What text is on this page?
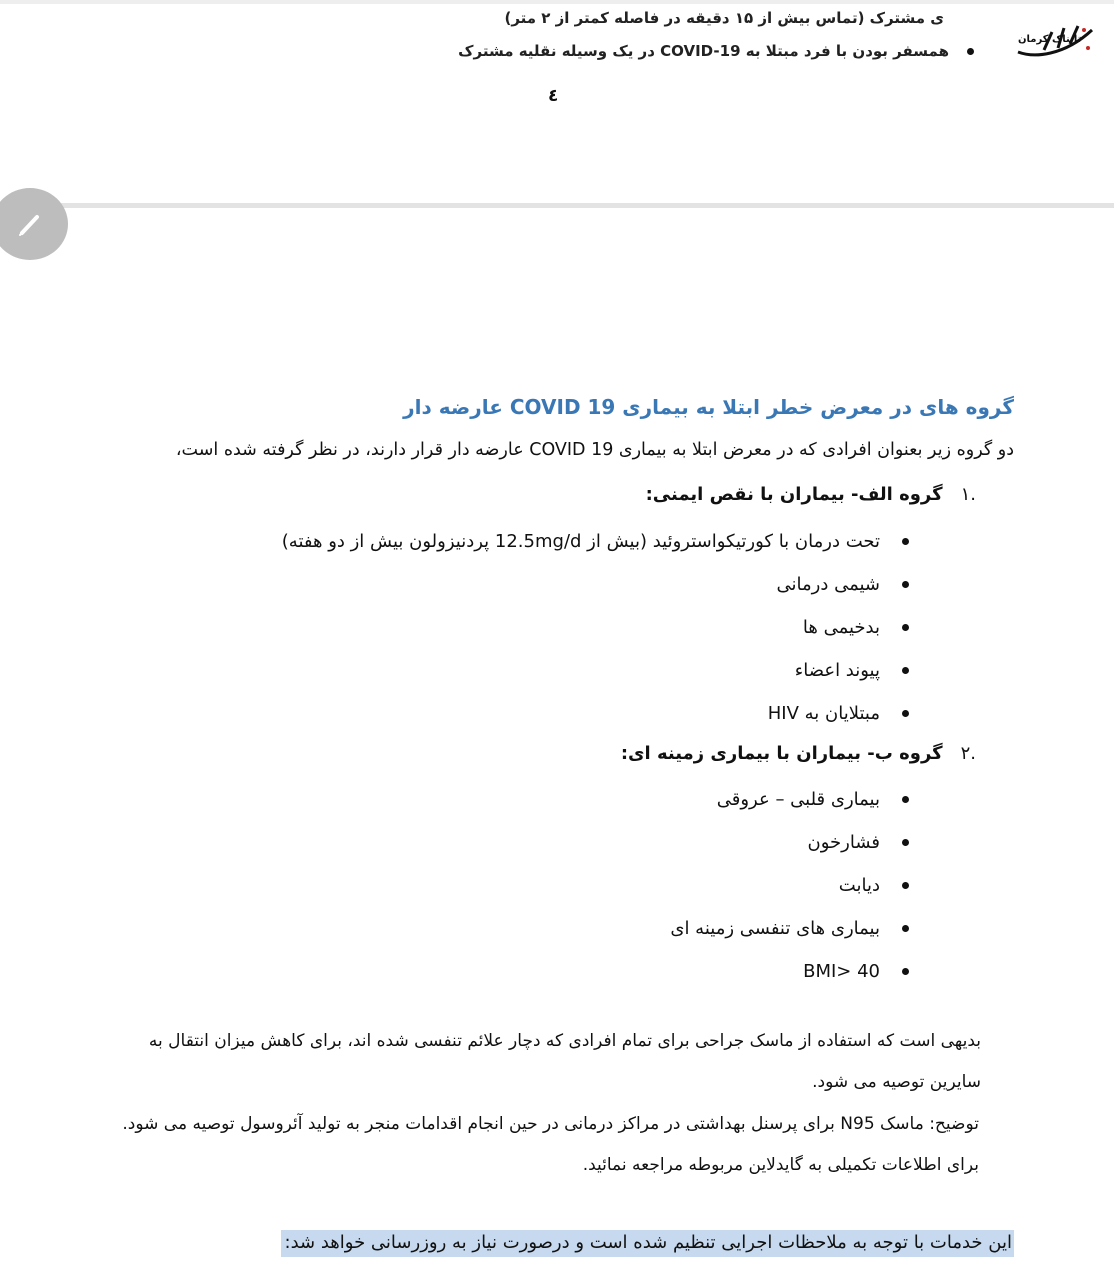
ی مشترک (تماس بیش از ۱۵ دقیقه در فاصله کمتر از ۲ متر)
همسفر بودن با فرد مبتلا به COVID-19 در یک وسیله نقلیه مشترک
٤
تابناک کرمان
گروه های در معرض خطر ابتلا به بیماری COVID 19 عارضه دار
دو گروه زیر بعنوان افرادی که در معرض ابتلا به بیماری COVID 19 عارضه دار قرار دارند، در نظر گرفته شده است،
۱.
گروه الف- بیماران با نقص ایمنی:
تحت درمان با کورتیکواستروئید (بیش از 12.5mg/d پردنیزولون بیش از دو هفته)
شیمی درمانی
بدخیمی ها
پیوند اعضاء
مبتلایان به HIV
۲.
گروه ب- بیماران با بیماری زمینه ای:
بیماری قلبی – عروقی
فشارخون
دیابت
بیماری های تنفسی زمینه ای
BMI> 40
بدیهی است که استفاده از ماسک جراحی برای تمام افرادی که دچار علائم تنفسی شده اند، برای کاهش میزان انتقال به سایرین توصیه می شود.
توضیح: ماسک N95 برای پرسنل بهداشتی در مراکز درمانی در حین انجام اقدامات منجر به تولید آئروسول توصیه می شود. برای اطلاعات تکمیلی به گایدلاین مربوطه مراجعه نمائید.
این خدمات با توجه به ملاحظات اجرایی تنظیم شده است و درصورت نیاز به روزرسانی خواهد شد:
